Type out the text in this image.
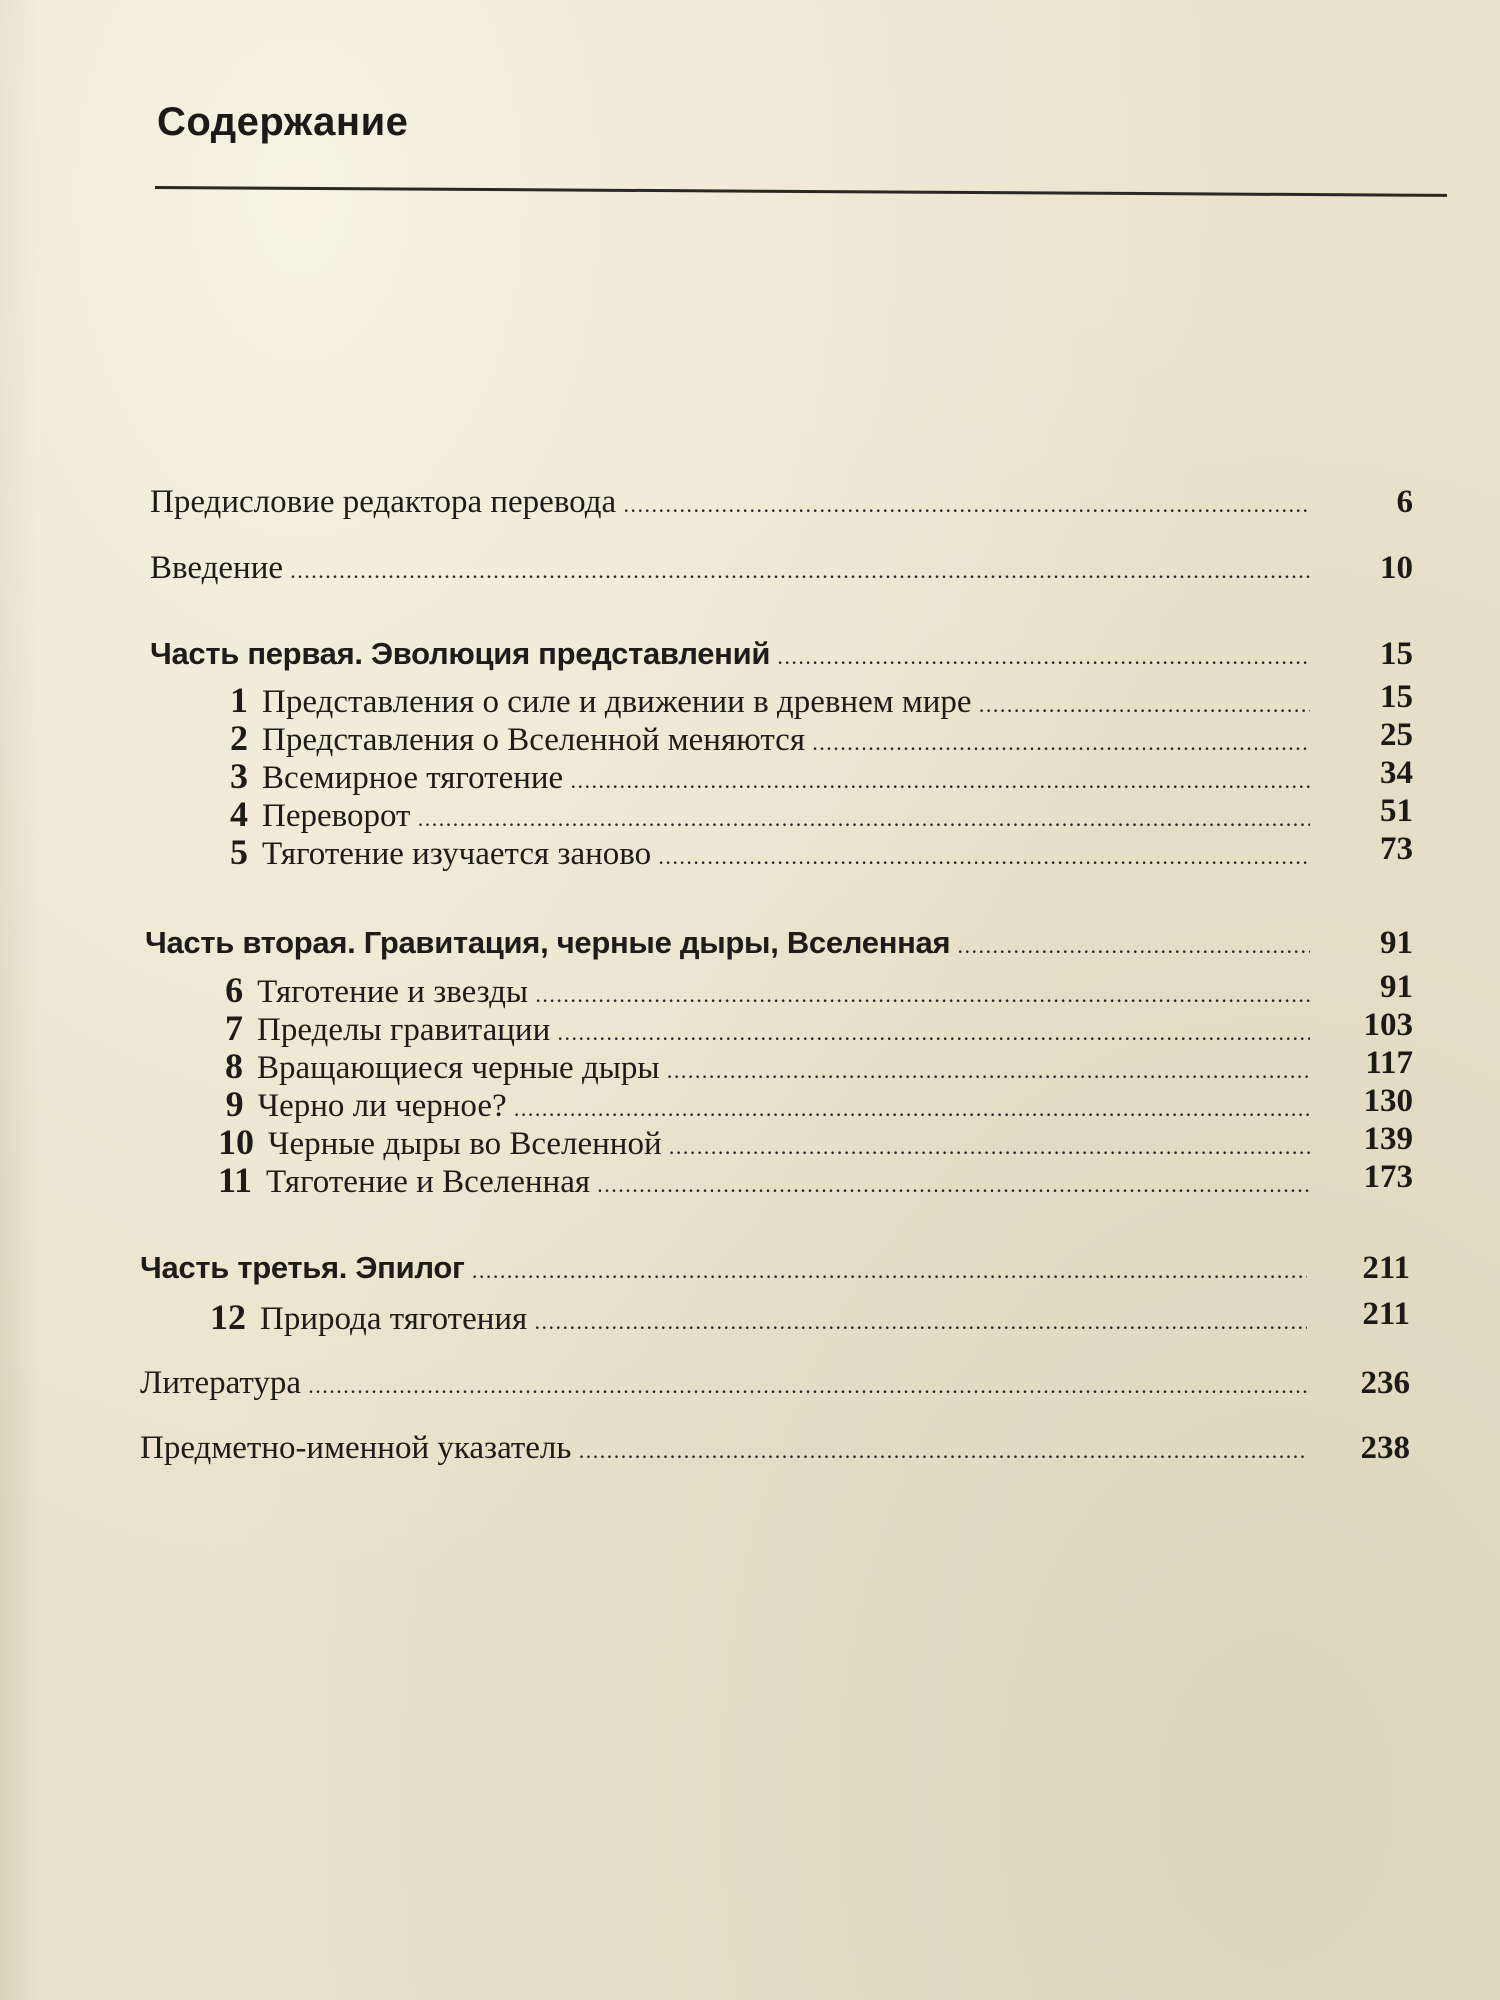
Содержание
Предисловие редактора перевода .....	6
Введение .....	10
Часть первая. Эволюция представлений .....	15
1 Представления о силе и движении в древнем мире .....	15
2 Представления о Вселенной меняются .....	25
3 Всемирное тяготение .....	34
4 Переворот .....	51
5 Тяготение изучается заново .....	73
Часть вторая. Гравитация, черные дыры, Вселенная .....	91
6 Тяготение и звезды .....	91
7 Пределы гравитации .....	103
8 Вращающиеся черные дыры .....	117
9 Черно ли черное? .....	130
10 Черные дыры во Вселенной .....	139
11 Тяготение и Вселенная .....	173
Часть третья. Эпилог .....	211
12 Природа тяготения .....	211
Литература .....	236
Предметно-именной указатель .....	238
